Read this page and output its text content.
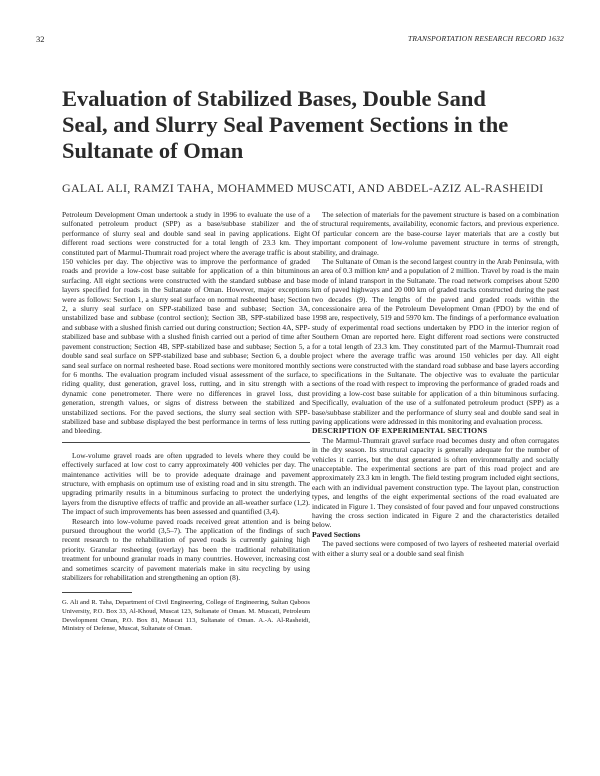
32	TRANSPORTATION RESEARCH RECORD 1632
Evaluation of Stabilized Bases, Double Sand Seal, and Slurry Seal Pavement Sections in the Sultanate of Oman
GALAL ALI, RAMZI TAHA, MOHAMMED MUSCATI, AND ABDEL-AZIZ AL-RASHEIDI

Petroleum Development Oman undertook a study in 1996 to evaluate the use of a sulfonated petroleum product (SPP) as a base/subbase stabilizer and the performance of slurry seal and double sand seal in paving applications. Eight different road sections were constructed for a total length of 23.3 km. They constituted part of Marmul-Thumrait road project where the average traffic is about 150 vehicles per day. The objective was to improve the performance of graded roads and provide a low-cost base suitable for application of a thin bituminous surfacing. All eight sections were constructed with the standard subbase and base layers specified for roads in the Sultanate of Oman. However, major exceptions were as follows: Section 1, a slurry seal surface on normal resheeted base; Section 2, a slurry seal surface on SPP-stabilized base and subbase; Section 3A, unstabilized base and subbase (control section); Section 3B, SPP-stabilized base and subbase with a slushed finish carried out during construction; Section 4A, SPP-stabilized base and subbase with a slushed finish carried out a period of time after pavement construction; Section 4B, SPP-stabilized base and subbase; Section 5, a double sand seal surface on SPP-stabilized base and subbase; Section 6, a double sand seal surface on normal resheeted base. Road sections were monitored monthly for 6 months. The evaluation program included visual assessment of the surface, riding quality, dust generation, gravel loss, rutting, and in situ strength with a dynamic cone penetrometer. There were no differences in gravel loss, dust generation, strength values, or signs of distress between the stabilized and unstabilized sections. For the paved sections, the slurry seal section with SPP-stabilized base and subbase displayed the best performance in terms of less rutting and bleeding.

Low-volume gravel roads are often upgraded to levels where they could be effectively surfaced at low cost to carry approximately 400 vehicles per day. The maintenance activities will be to provide adequate drainage and pavement structure, with emphasis on optimum use of existing road and in situ strength. The upgrading primarily results in a bituminous surfacing to protect the underlying layers from the disruptive effects of traffic and provide an all-weather surface (1,2). The impact of such improvements has been assessed and quantified (3,4).

Research into low-volume paved roads received great attention and is being pursued throughout the world (3,5–7). The application of the findings of such recent research to the rehabilitation of paved roads is currently gaining high priority. Granular resheeting (overlay) has been the traditional rehabilitation treatment for unbound granular roads in many countries. However, increasing cost and sometimes scarcity of pavement materials make in situ recycling by using stabilizers for rehabilitation and strengthening an option (8).

G. Ali and R. Taha, Department of Civil Engineering, College of Engineering, Sultan Qaboos University, P.O. Box 33, Al-Khoud, Muscat 123, Sultanate of Oman. M. Muscati, Petroleum Development Oman, P.O. Box 81, Muscat 113, Sultanate of Oman. A.-A. Al-Rasheidi, Ministry of Defense, Muscat, Sultanate of Oman.

The selection of materials for the pavement structure is based on a combination of structural requirements, availability, economic factors, and previous experience. Of particular concern are the base-course layer materials that are a costly but important component of low-volume pavement structure in terms of strength, stability, and drainage.

The Sultanate of Oman is the second largest country in the Arab Peninsula, with an area of 0.3 million km² and a population of 2 million. Travel by road is the main mode of inland transport in the Sultanate. The road network comprises about 5200 km of paved highways and 20 000 km of graded tracks constructed during the past two decades (9). The lengths of the paved and graded roads within the concessionaire area of the Petroleum Development Oman (PDO) by the end of 1998 are, respectively, 519 and 5970 km. The findings of a performance evaluation study of experimental road sections undertaken by PDO in the interior region of Southern Oman are reported here. Eight different road sections were constructed for a total length of 23.3 km. They constituted part of the Marmul-Thumrait road project where the average traffic was around 150 vehicles per day. All eight sections were constructed with the standard road subbase and base layers according to specifications in the Sultanate. The objective was to evaluate the particular sections of the road with respect to improving the performance of graded roads and providing a low-cost base suitable for application of a thin bituminous surfacing. Specifically, evaluation of the use of a sulfonated petroleum product (SPP) as a base/subbase stabilizer and the performance of slurry seal and double sand seal in paving applications were addressed in this monitoring and evaluation process.

DESCRIPTION OF EXPERIMENTAL SECTIONS

The Marmul-Thumrait gravel surface road becomes dusty and often corrugates in the dry season. Its structural capacity is generally adequate for the number of vehicles it carries, but the dust generated is often environmentally and socially unacceptable. The experimental sections are part of this road project and are approximately 23.3 km in length. The field testing program included eight sections, each with an individual pavement construction type. The layout plan, construction types, and lengths of the eight experimental sections of the road evaluated are indicated in Figure 1. They consisted of four paved and four unpaved constructions having the cross section indicated in Figure 2 and the characteristics detailed below.

Paved Sections

The paved sections were composed of two layers of resheeted material overlaid with either a slurry seal or a double sand seal finish
